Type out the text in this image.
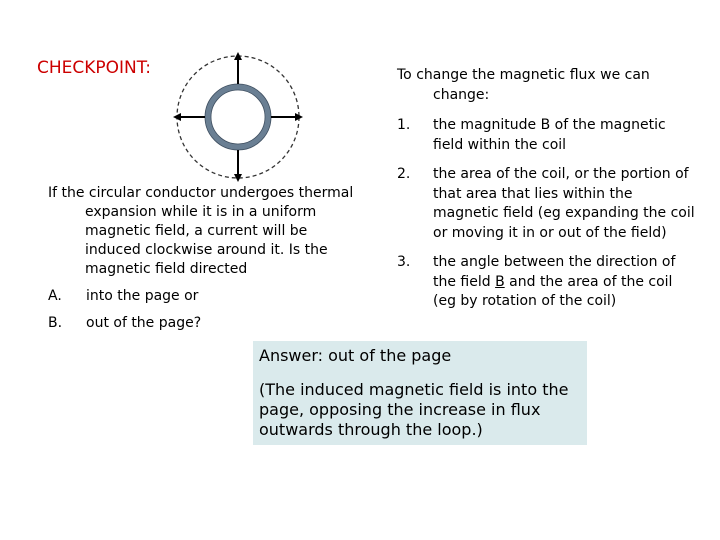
CHECKPOINT:
If the circular conductor undergoes thermal expansion while it is in a uniform magnetic field, a current will be induced clockwise around it. Is the magnetic field directed
A.	into the page or
B.	out of the page?
To change the magnetic flux we can change:
1.	the magnitude B of the magnetic field within the coil
2.	the area of the coil, or the portion of that area that lies within the magnetic field (eg expanding the coil or moving it in or out of the field)
3.	the angle between the direction of the field B and the area of the coil (eg by rotation of the coil)
Answer: out of the page
(The induced magnetic field is into the page, opposing the increase in flux outwards through the loop.)
